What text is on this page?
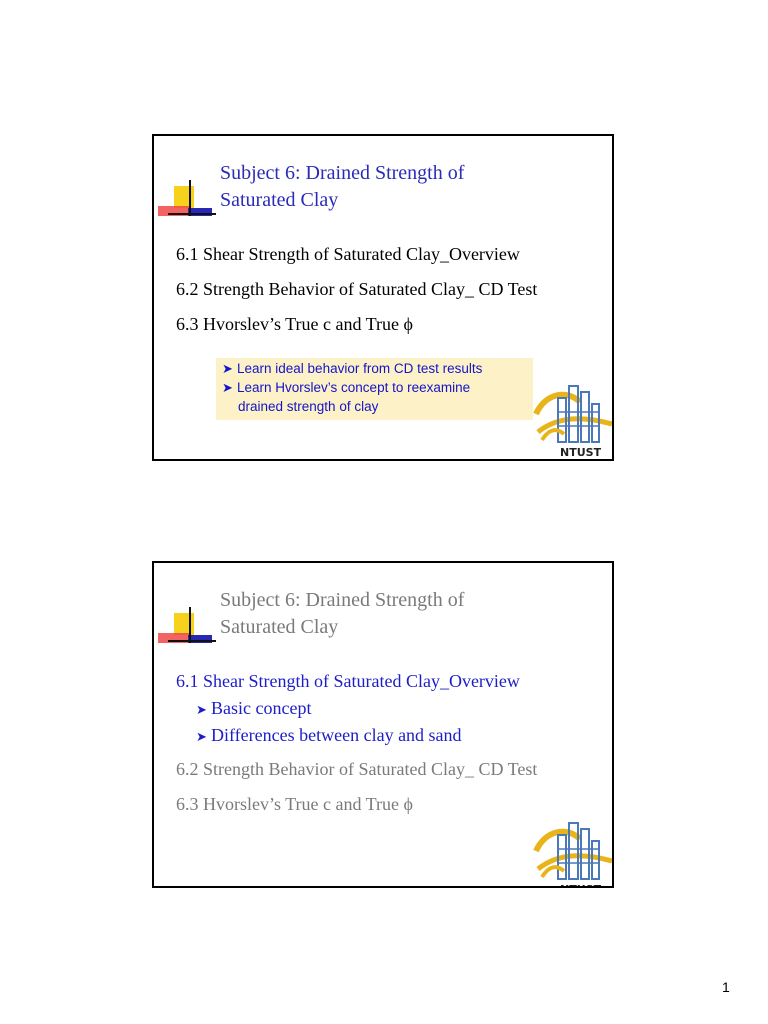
Subject 6: Drained Strength of
Saturated Clay
6.1 Shear Strength of Saturated Clay_Overview
6.2 Strength Behavior of Saturated Clay_ CD Test
6.3 Hvorslev’s True c and True ϕ
➤ Learn ideal behavior from CD test results
➤ Learn Hvorslev’s concept to reexamine
drained strength of clay
NTUST
Subject 6: Drained Strength of
Saturated Clay
6.1 Shear Strength of Saturated Clay_Overview
➤ Basic concept
➤ Differences between clay and sand
6.2 Strength Behavior of Saturated Clay_ CD Test
6.3 Hvorslev’s True c and True ϕ
NTUST
1
